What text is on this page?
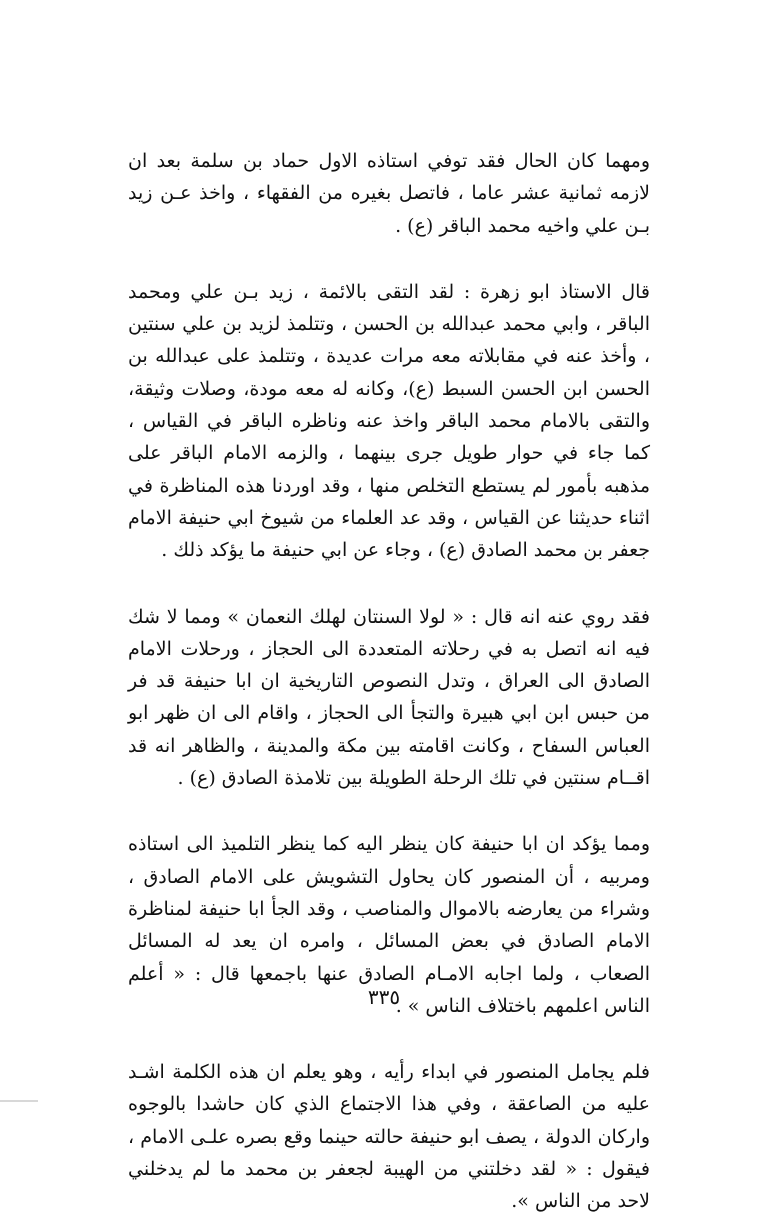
ومهما كان الحال فقد توفي استاذه الاول حماد بن سلمة بعد ان لازمه ثمانية عشر عاما ، فاتصل بغيره من الفقهاء ، واخذ عـن زيد بـن علي واخيه محمد الباقر (ع) .

قال الاستاذ ابو زهرة : لقد التقى بالائمة ، زيد بـن علي ومحمد الباقر ، وابي محمد عبدالله بن الحسن ، وتتلمذ لزيد بن علي سنتين ، وأخذ عنه في مقابلاته معه مرات عديدة ، وتتلمذ على عبدالله بن الحسن ابن الحسن السبط (ع)، وكانه له معه مودة، وصلات وثيقة، والتقى بالامام محمد الباقر واخذ عنه وناظره الباقر في القياس ، كما جاء في حوار طويل جرى بينهما ، والزمه الامام الباقر على مذهبه بأمور لم يستطع التخلص منها ، وقد اوردنا هذه المناظرة في اثناء حديثنا عن القياس ، وقد عد العلماء من شيوخ ابي حنيفة الامام جعفر بن محمد الصادق (ع) ، وجاء عن ابي حنيفة ما يؤكد ذلك .

فقد روي عنه انه قال : « لولا السنتان لهلك النعمان » ومما لا شك فيه انه اتصل به في رحلاته المتعددة الى الحجاز ، ورحلات الامام الصادق الى العراق ، وتدل النصوص التاريخية ان ابا حنيفة قد فر من حبس ابن ابي هبيرة والتجأ الى الحجاز ، واقام الى ان ظهر ابو العباس السفاح ، وكانت اقامته بين مكة والمدينة ، والظاهر انه قد اقــام سنتين في تلك الرحلة الطويلة بين تلامذة الصادق (ع) .

ومما يؤكد ان ابا حنيفة كان ينظر اليه كما ينظر التلميذ الى استاذه ومربيه ، أن المنصور كان يحاول التشويش على الامام الصادق ، وشراء من يعارضه بالاموال والمناصب ، وقد الجأ ابا حنيفة لمناظرة الامام الصادق في بعض المسائل ، وامره ان يعد له المسائل الصعاب ، ولما اجابه الامـام الصادق عنها باجمعها قال : « أعلم الناس اعلمهم باختلاف الناس » .

فلم يجامل المنصور في ابداء رأيه ، وهو يعلم ان هذه الكلمة اشـد عليه من الصاعقة ، وفي هذا الاجتماع الذي كان حاشدا بالوجوه واركان الدولة ، يصف ابو حنيفة حالته حينما وقع بصره علـى الامام ، فيقول : « لقد دخلتني من الهيبة لجعفر بن محمد ما لم يدخلني لاحد من الناس ».

٣٣٥
